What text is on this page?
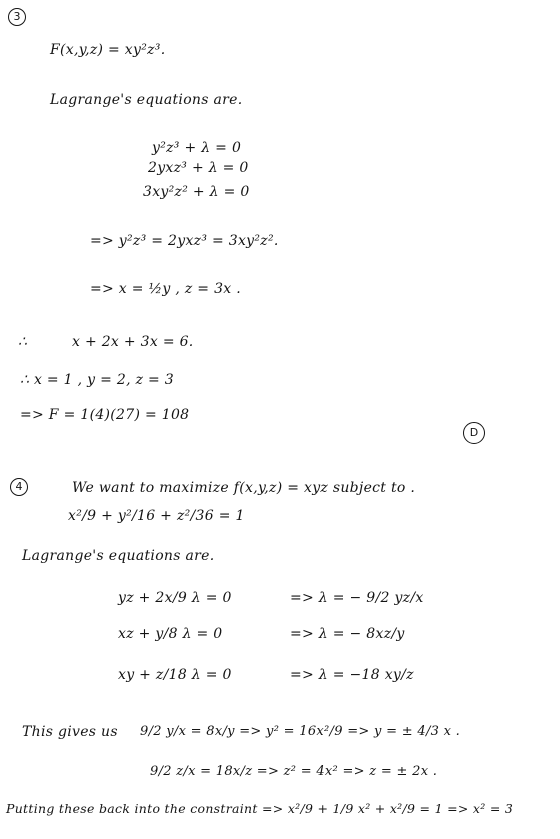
3
F(x,y,z) = xy²z³.
Lagrange's equations are.
y²z³ + λ = 0
2yxz³ + λ = 0
3xy²z² + λ = 0
=> y²z³ = 2yxz³ = 3xy²z².
=> x = ½y , z = 3x .
∴	x + 2x + 3x = 6.
∴ x = 1 , y = 2, z = 3
=> F = 1(4)(27) = 108
D
4	We want to maximize f(x,y,z) = xyz subject to .
x²/9 + y²/16 + z²/36 = 1
Lagrange's equations are.
yz + 2x/9 λ = 0	=> λ = − 9/2 yz/x
xz + y/8 λ = 0	=> λ = − 8xz/y
xy + z/18 λ = 0	=> λ = −18 xy/z
This gives us 9/2 y/x = 8x/y => y² = 16x²/9 => y = ± 4/3 x .
9/2 z/x = 18x/z => z² = 4x² => z = ± 2x .
Putting these back into the constraint => x²/9 + 1/9 x² + x²/9 = 1 => x² = 3
